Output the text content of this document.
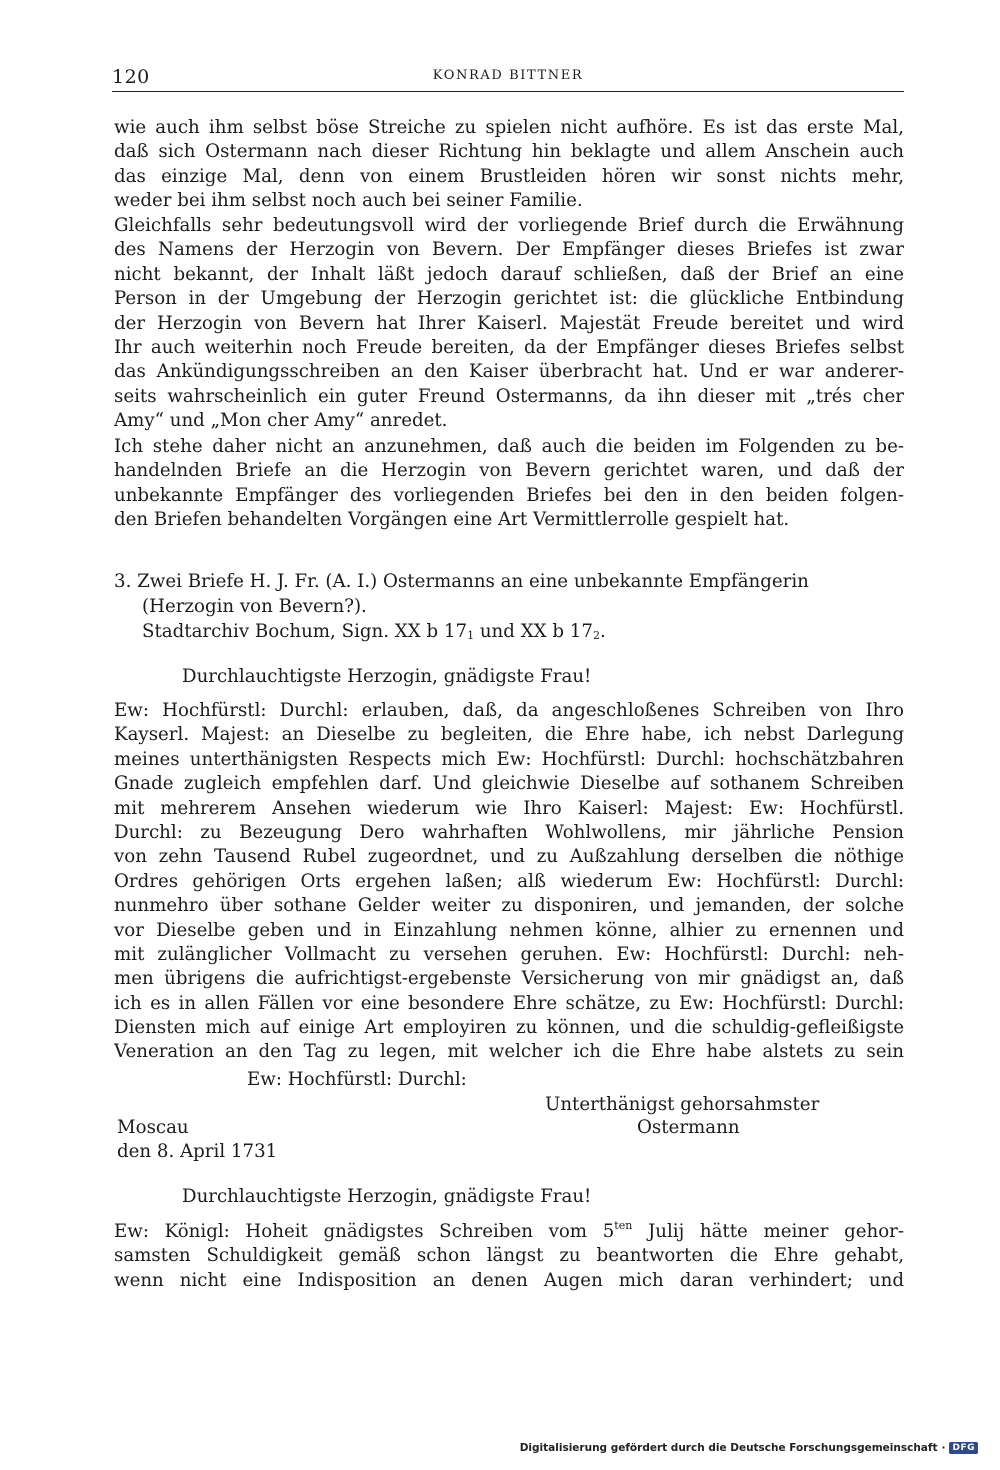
120	KONRAD BITTNER
wie auch ihm selbst böse Streiche zu spielen nicht aufhöre. Es ist das erste Mal,
daß sich Ostermann nach dieser Richtung hin beklagte und allem Anschein auch
das einzige Mal, denn von einem Brustleiden hören wir sonst nichts mehr,
weder bei ihm selbst noch auch bei seiner Familie.
Gleichfalls sehr bedeutungsvoll wird der vorliegende Brief durch die Erwähnung
des Namens der Herzogin von Bevern. Der Empfänger dieses Briefes ist zwar
nicht bekannt, der Inhalt läßt jedoch darauf schließen, daß der Brief an eine
Person in der Umgebung der Herzogin gerichtet ist: die glückliche Entbindung
der Herzogin von Bevern hat Ihrer Kaiserl. Majestät Freude bereitet und wird
Ihr auch weiterhin noch Freude bereiten, da der Empfänger dieses Briefes selbst
das Ankündigungsschreiben an den Kaiser überbracht hat. Und er war anderer-
seits wahrscheinlich ein guter Freund Ostermanns, da ihn dieser mit „trés cher
Amy“ und „Mon cher Amy“ anredet.
Ich stehe daher nicht an anzunehmen, daß auch die beiden im Folgenden zu be-
handelnden Briefe an die Herzogin von Bevern gerichtet waren, und daß der
unbekannte Empfänger des vorliegenden Briefes bei den in den beiden folgen-
den Briefen behandelten Vorgängen eine Art Vermittlerrolle gespielt hat.
3. Zwei Briefe H. J. Fr. (A. I.) Ostermanns an eine unbekannte Empfängerin
(Herzogin von Bevern?).
Stadtarchiv Bochum, Sign. XX b $17_1$ und XX b $17_2$.
Durchlauchtigste Herzogin, gnädigste Frau!
Ew: Hochfürstl: Durchl: erlauben, daß, da angeschloßenes Schreiben von Ihro
Kayserl. Majest: an Dieselbe zu begleiten, die Ehre habe, ich nebst Darlegung
meines unterthänigsten Respects mich Ew: Hochfürstl: Durchl: hochschätzbahren
Gnade zugleich empfehlen darf. Und gleichwie Dieselbe auf sothanem Schreiben
mit mehrerem Ansehen wiederum wie Ihro Kaiserl: Majest: Ew: Hochfürstl.
Durchl: zu Bezeugung Dero wahrhaften Wohlwollens, mir jährliche Pension
von zehn Tausend Rubel zugeordnet, und zu Außzahlung derselben die nöthige
Ordres gehörigen Orts ergehen laßen; alß wiederum Ew: Hochfürstl: Durchl:
nunmehro über sothane Gelder weiter zu disponiren, und jemanden, der solche
vor Dieselbe geben und in Einzahlung nehmen könne, alhier zu ernennen und
mit zulänglicher Vollmacht zu versehen geruhen. Ew: Hochfürstl: Durchl: neh-
men übrigens die aufrichtigst-ergebenste Versicherung von mir gnädigst an, daß
ich es in allen Fällen vor eine besondere Ehre schätze, zu Ew: Hochfürstl: Durchl:
Diensten mich auf einige Art employiren zu können, und die schuldig-gefleißigste
Veneration an den Tag zu legen, mit welcher ich die Ehre habe alstets zu sein
Ew: Hochfürstl: Durchl:
Unterthänigst gehorsahmster
Moscau	Ostermann
den 8. April 1731
Durchlauchtigste Herzogin, gnädigste Frau!
Ew: Königl: Hoheit gnädigstes Schreiben vom $5^{ten}$ Julij hätte meiner gehor-
samsten Schuldigkeit gemäß schon längst zu beantworten die Ehre gehabt,
wenn nicht eine Indisposition an denen Augen mich daran verhindert; und
Digitalisierung gefördert durch die Deutsche Forschungsgemeinschaft · DFG
